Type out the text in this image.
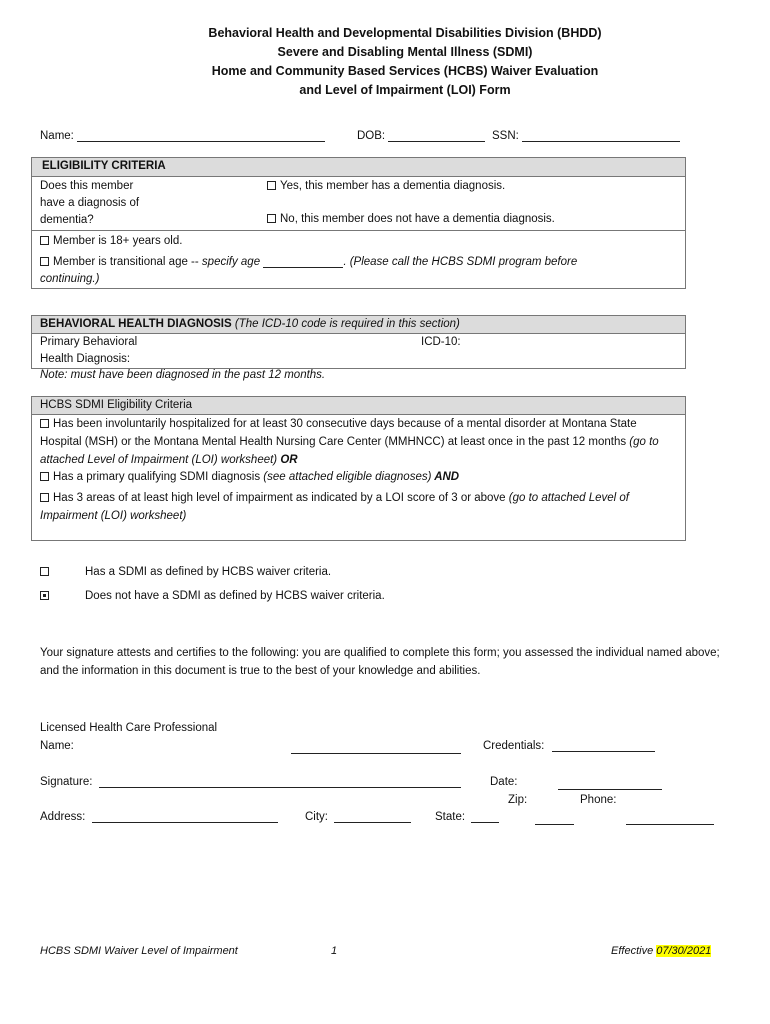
Behavioral Health and Developmental Disabilities Division (BHDD)
Severe and Disabling Mental Illness (SDMI)
Home and Community Based Services (HCBS) Waiver Evaluation
and Level of Impairment (LOI) Form
Name:	DOB:	SSN:
ELIGIBILITY CRITERIA
Does this member
have a diagnosis of
dementia?
Yes, this member has a dementia diagnosis.
No, this member does not have a dementia diagnosis.
Member is 18+ years old.
Member is transitional age -- specify age	. (Please call the HCBS SDMI program before
continuing.)
BEHAVIORAL HEALTH DIAGNOSIS (The ICD-10 code is required in this section)
Primary Behavioral
Health Diagnosis:
ICD-10:
Note: must have been diagnosed in the past 12 months.
HCBS SDMI Eligibility Criteria
Has been involuntarily hospitalized for at least 30 consecutive days because of a mental disorder at Montana State Hospital (MSH) or the Montana Mental Health Nursing Care Center (MMHNCC) at least once in the past 12 months (go to attached Level of Impairment (LOI) worksheet) OR
Has a primary qualifying SDMI diagnosis (see attached eligible diagnoses) AND
Has 3 areas of at least high level of impairment as indicated by a LOI score of 3 or above (go to attached Level of Impairment (LOI) worksheet)
Has a SDMI as defined by HCBS waiver criteria.
Does not have a SDMI as defined by HCBS waiver criteria.
Your signature attests and certifies to the following: you are qualified to complete this form; you assessed the individual named above; and the information in this document is true to the best of your knowledge and abilities.
Licensed Health Care Professional
Name:	Credentials:
Signature:	Date:
Zip:	Phone:
Address:	City:	State:
HCBS SDMI Waiver Level of Impairment	1	Effective 07/30/2021
